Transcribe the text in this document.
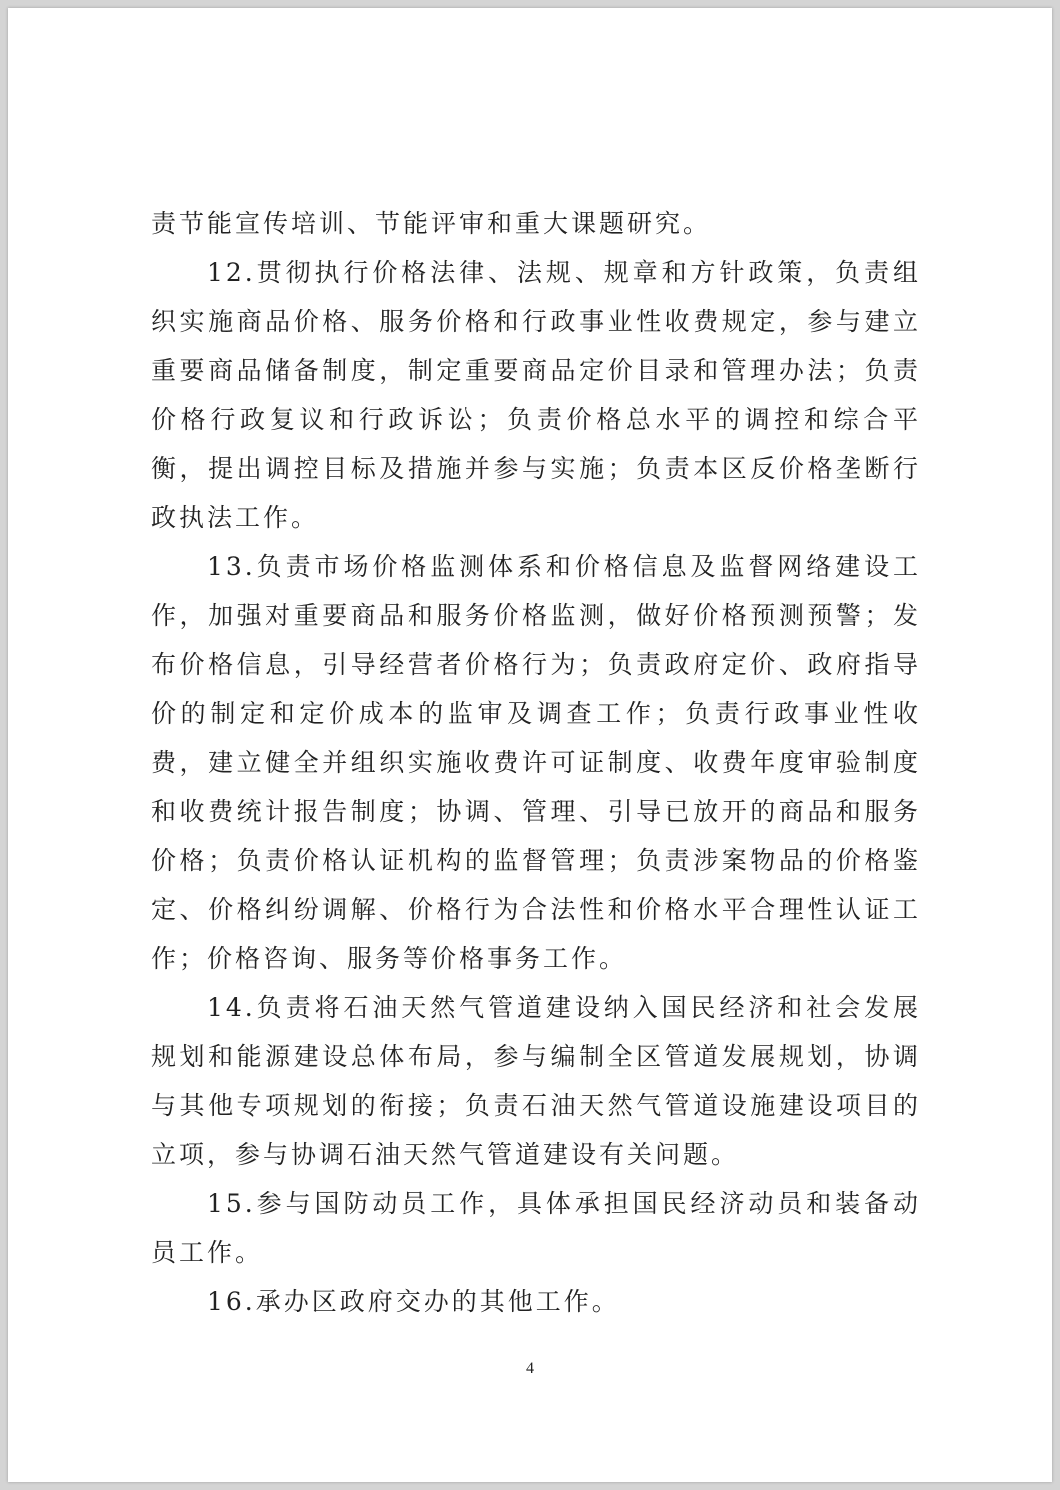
责节能宣传培训、节能评审和重大课题研究。

12.贯彻执行价格法律、法规、规章和方针政策，负责组织实施商品价格、服务价格和行政事业性收费规定，参与建立重要商品储备制度，制定重要商品定价目录和管理办法；负责价格行政复议和行政诉讼；负责价格总水平的调控和综合平衡，提出调控目标及措施并参与实施；负责本区反价格垄断行政执法工作。

13.负责市场价格监测体系和价格信息及监督网络建设工作，加强对重要商品和服务价格监测，做好价格预测预警；发布价格信息，引导经营者价格行为；负责政府定价、政府指导价的制定和定价成本的监审及调查工作；负责行政事业性收费，建立健全并组织实施收费许可证制度、收费年度审验制度和收费统计报告制度；协调、管理、引导已放开的商品和服务价格；负责价格认证机构的监督管理；负责涉案物品的价格鉴定、价格纠纷调解、价格行为合法性和价格水平合理性认证工作；价格咨询、服务等价格事务工作。

14.负责将石油天然气管道建设纳入国民经济和社会发展规划和能源建设总体布局，参与编制全区管道发展规划，协调与其他专项规划的衔接；负责石油天然气管道设施建设项目的立项，参与协调石油天然气管道建设有关问题。

15.参与国防动员工作，具体承担国民经济动员和装备动员工作。

16.承办区政府交办的其他工作。

4
